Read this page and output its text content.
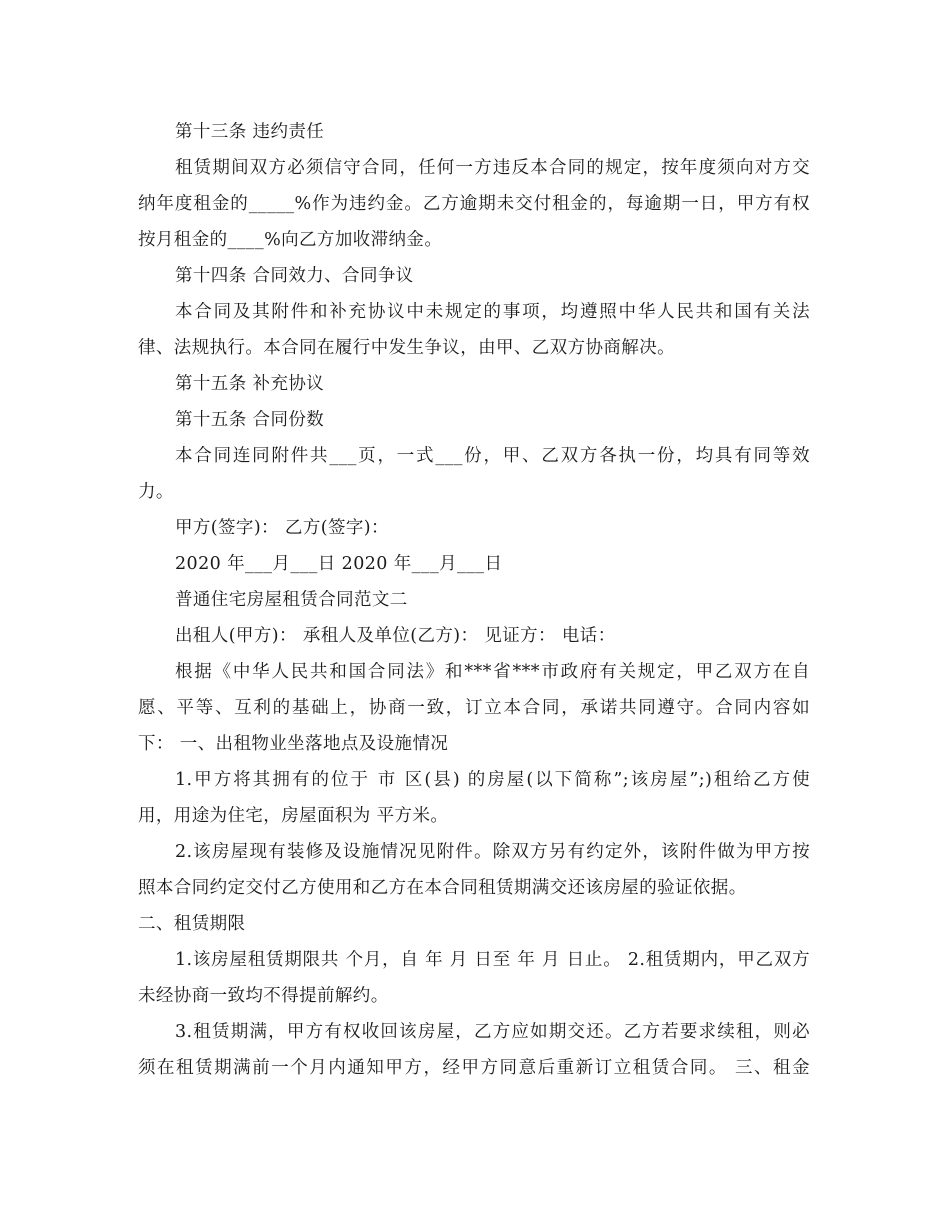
第十三条 违约责任
租赁期间双方必须信守合同，任何一方违反本合同的规定，按年度须向对方交
纳年度租金的_____%作为违约金。乙方逾期未交付租金的，每逾期一日，甲方有权
按月租金的____%向乙方加收滞纳金。
第十四条 合同效力、合同争议
本合同及其附件和补充协议中未规定的事项，均遵照中华人民共和国有关法
律、法规执行。本合同在履行中发生争议，由甲、乙双方协商解决。
第十五条 补充协议
第十五条 合同份数
本合同连同附件共___页，一式___份，甲、乙双方各执一份，均具有同等效
力。
甲方(签字)： 乙方(签字)：
2020 年___月___日 2020 年___月___日
普通住宅房屋租赁合同范文二
出租人(甲方)： 承租人及单位(乙方)： 见证方： 电话：
根据《中华人民共和国合同法》和***省***市政府有关规定，甲乙双方在自
愿、平等、互利的基础上，协商一致，订立本合同，承诺共同遵守。合同内容如
下： 一、出租物业坐落地点及设施情况
1.甲方将其拥有的位于 市 区(县) 的房屋(以下简称”;该房屋”;)租给乙方使
用，用途为住宅，房屋面积为 平方米。
2.该房屋现有装修及设施情况见附件。除双方另有约定外，该附件做为甲方按
照本合同约定交付乙方使用和乙方在本合同租赁期满交还该房屋的验证依据。
二、租赁期限
1.该房屋租赁期限共 个月，自 年 月 日至 年 月 日止。 2.租赁期内，甲乙双方
未经协商一致均不得提前解约。
3.租赁期满，甲方有权收回该房屋，乙方应如期交还。乙方若要求续租，则必
须在租赁期满前一个月内通知甲方，经甲方同意后重新订立租赁合同。 三、租金
